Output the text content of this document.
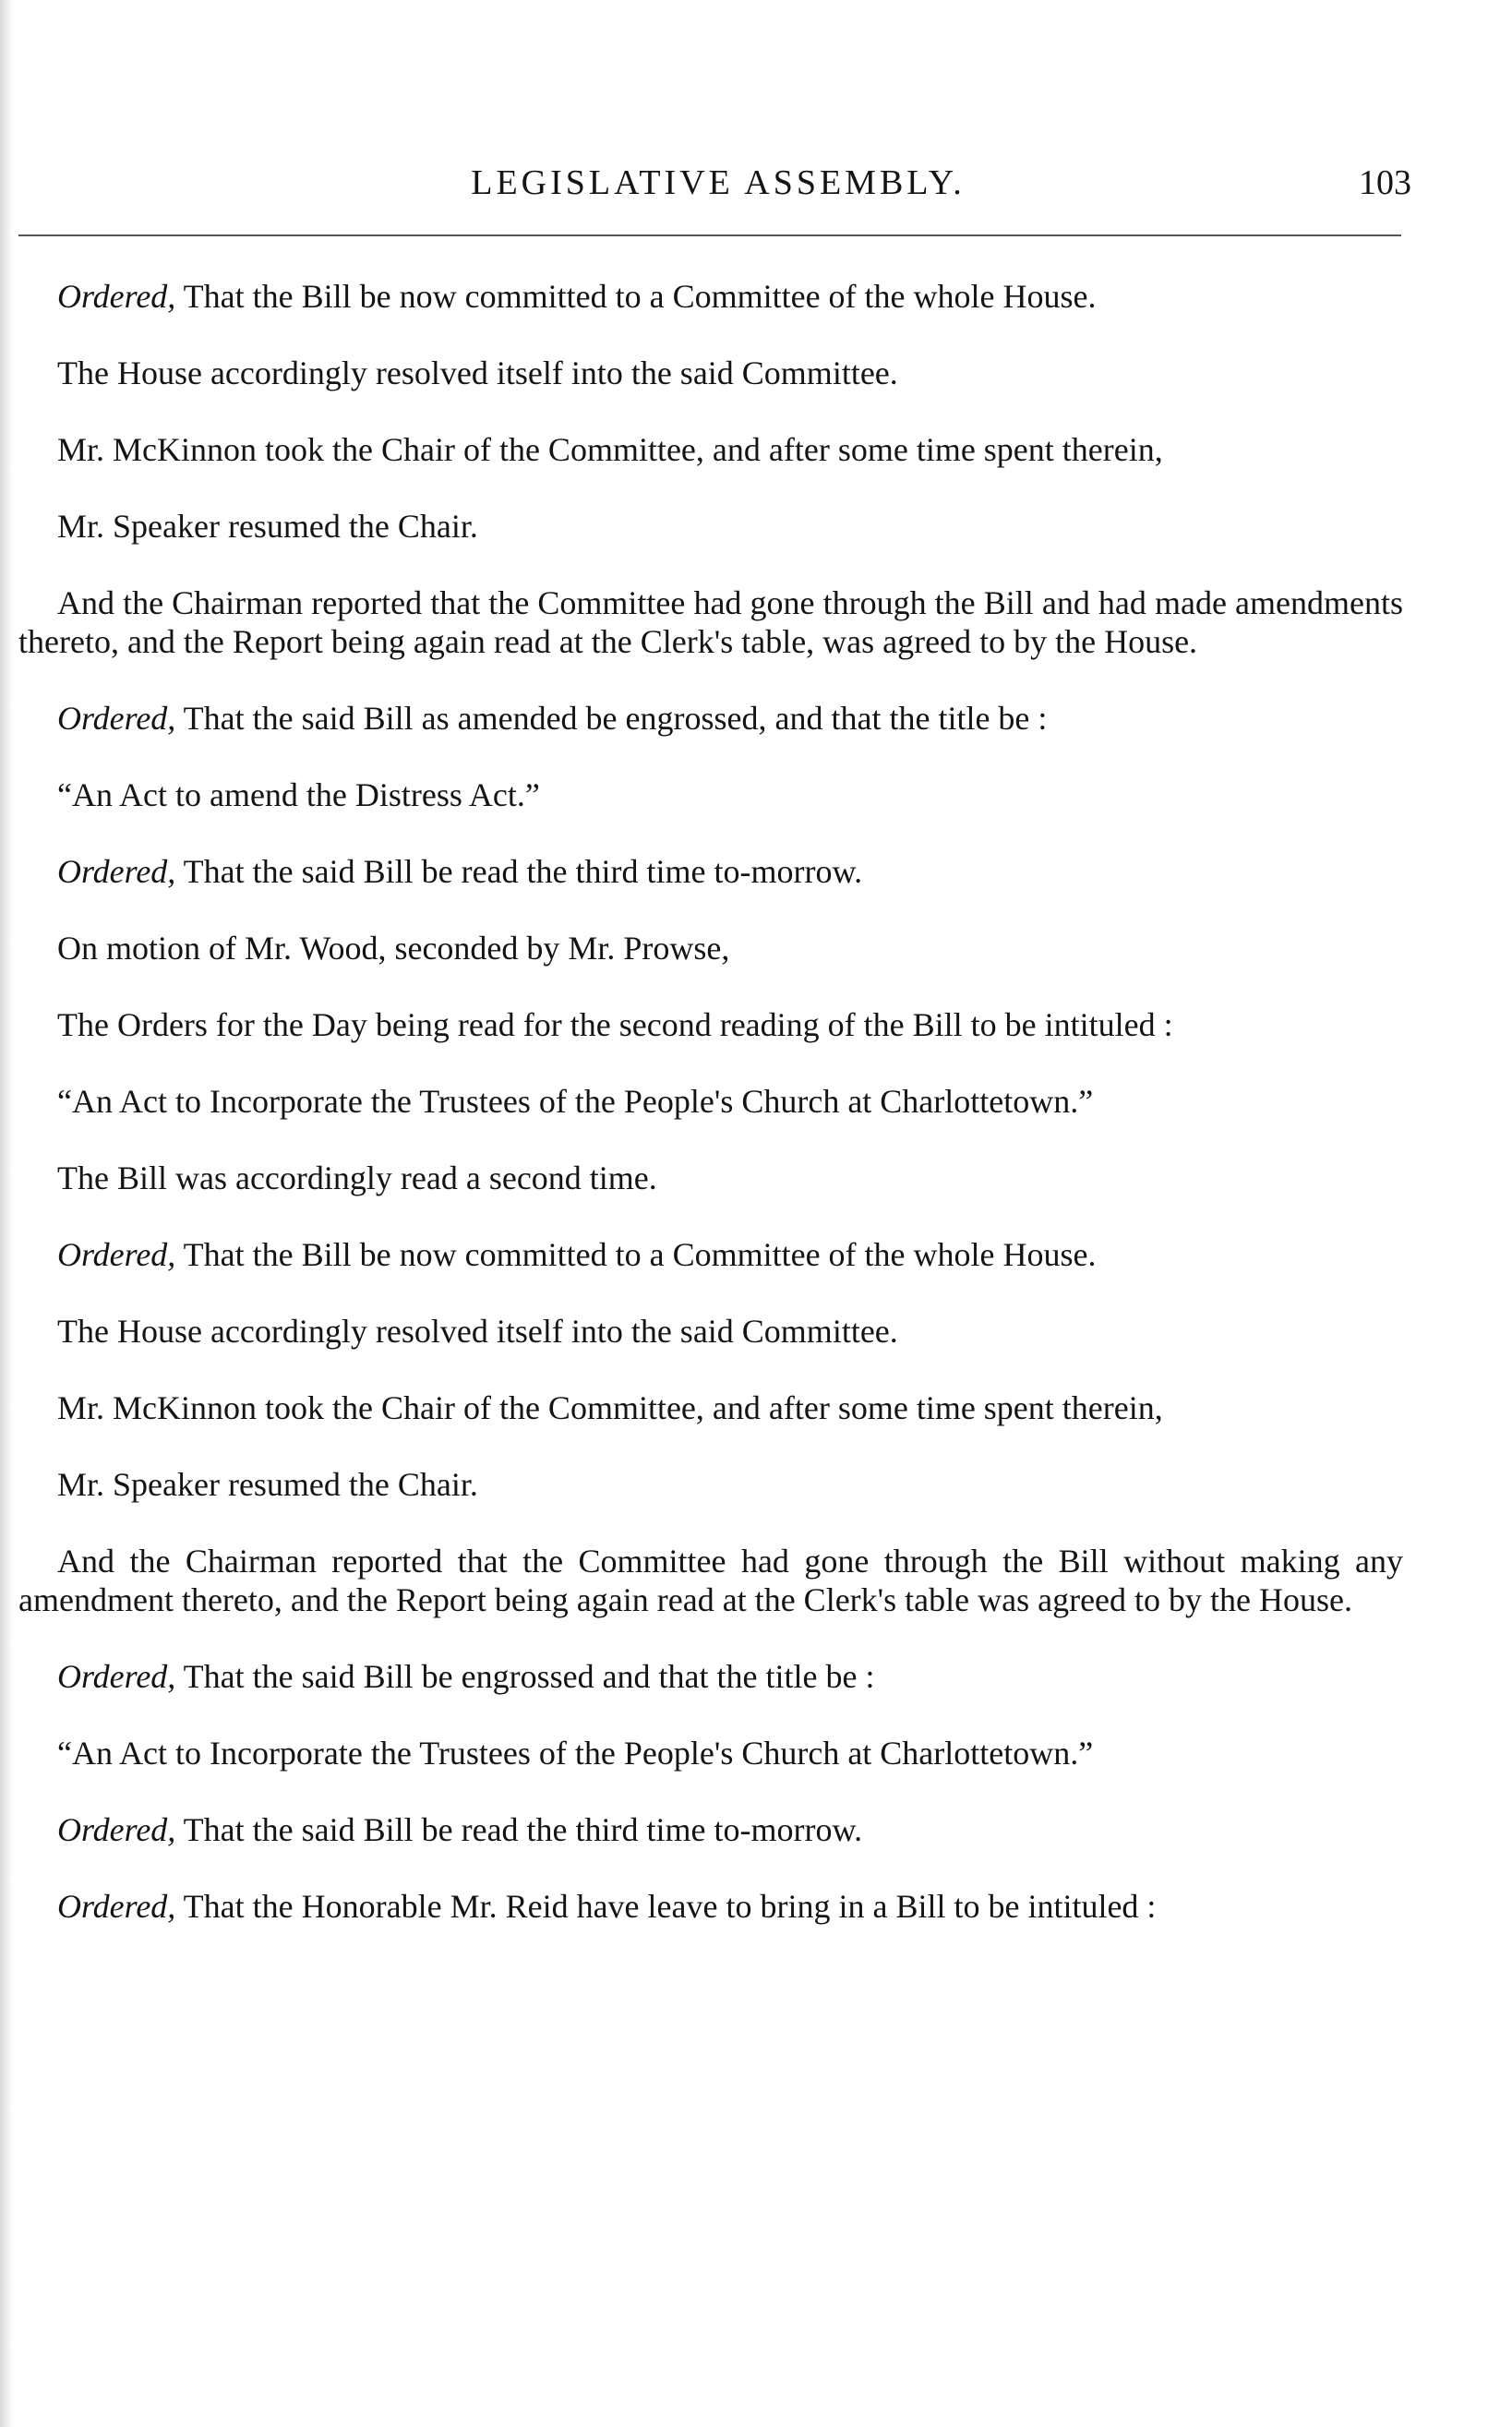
LEGISLATIVE ASSEMBLY.	103

Ordered, That the Bill be now committed to a Committee of the whole House.

The House accordingly resolved itself into the said Committee.

Mr. McKinnon took the Chair of the Committee, and after some time spent therein,

Mr. Speaker resumed the Chair.

And the Chairman reported that the Committee had gone through the Bill and had made amendments thereto, and the Report being again read at the Clerk's table, was agreed to by the House.

Ordered, That the said Bill as amended be engrossed, and that the title be :

“An Act to amend the Distress Act.”

Ordered, That the said Bill be read the third time to-morrow.

On motion of Mr. Wood, seconded by Mr. Prowse,

The Orders for the Day being read for the second reading of the Bill to be intituled :

“An Act to Incorporate the Trustees of the People's Church at Charlottetown.”

The Bill was accordingly read a second time.

Ordered, That the Bill be now committed to a Committee of the whole House.

The House accordingly resolved itself into the said Committee.

Mr. McKinnon took the Chair of the Committee, and after some time spent therein,

Mr. Speaker resumed the Chair.

And the Chairman reported that the Committee had gone through the Bill without making any amendment thereto, and the Report being again read at the Clerk's table was agreed to by the House.

Ordered, That the said Bill be engrossed and that the title be :

“An Act to Incorporate the Trustees of the People's Church at Charlottetown.”

Ordered, That the said Bill be read the third time to-morrow.

Ordered, That the Honorable Mr. Reid have leave to bring in a Bill to be intituled :
